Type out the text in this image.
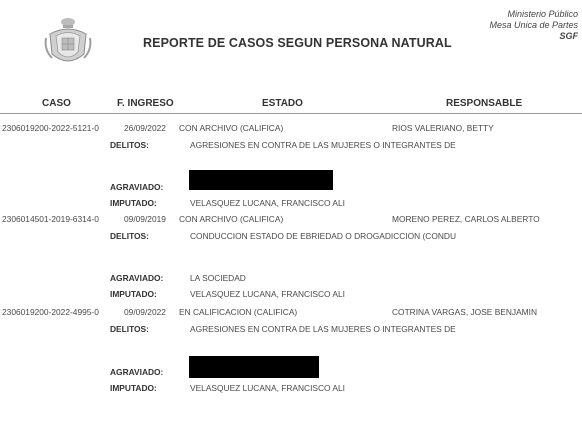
REPORTE DE CASOS SEGUN PERSONA NATURAL
Ministerio Público
Mesa Unica de Partes
SGF
CASO	F. INGRESO	ESTADO	RESPONSABLE
2306019200-2022-5121-0	26/09/2022 CON ARCHIVO (CALIFICA)	RIOS VALERIANO, BETTY
DELITOS:	AGRESIONES EN CONTRA DE LAS MUJERES O INTEGRANTES DE
AGRAVIADO:
IMPUTADO:	VELASQUEZ LUCANA, FRANCISCO ALI
2306014501-2019-6314-0	09/09/2019 CON ARCHIVO (CALIFICA)	MORENO PEREZ, CARLOS ALBERTO
DELITOS:	CONDUCCION ESTADO DE EBRIEDAD O DROGADICCION (CONDU
AGRAVIADO:	LA SOCIEDAD
IMPUTADO:	VELASQUEZ LUCANA, FRANCISCO ALI
2306019200-2022-4995-0	09/09/2022 EN CALIFICACION (CALIFICA)	COTRINA VARGAS, JOSE BENJAMIN
DELITOS:	AGRESIONES EN CONTRA DE LAS MUJERES O INTEGRANTES DE
AGRAVIADO:
IMPUTADO:	VELASQUEZ LUCANA, FRANCISCO ALI
